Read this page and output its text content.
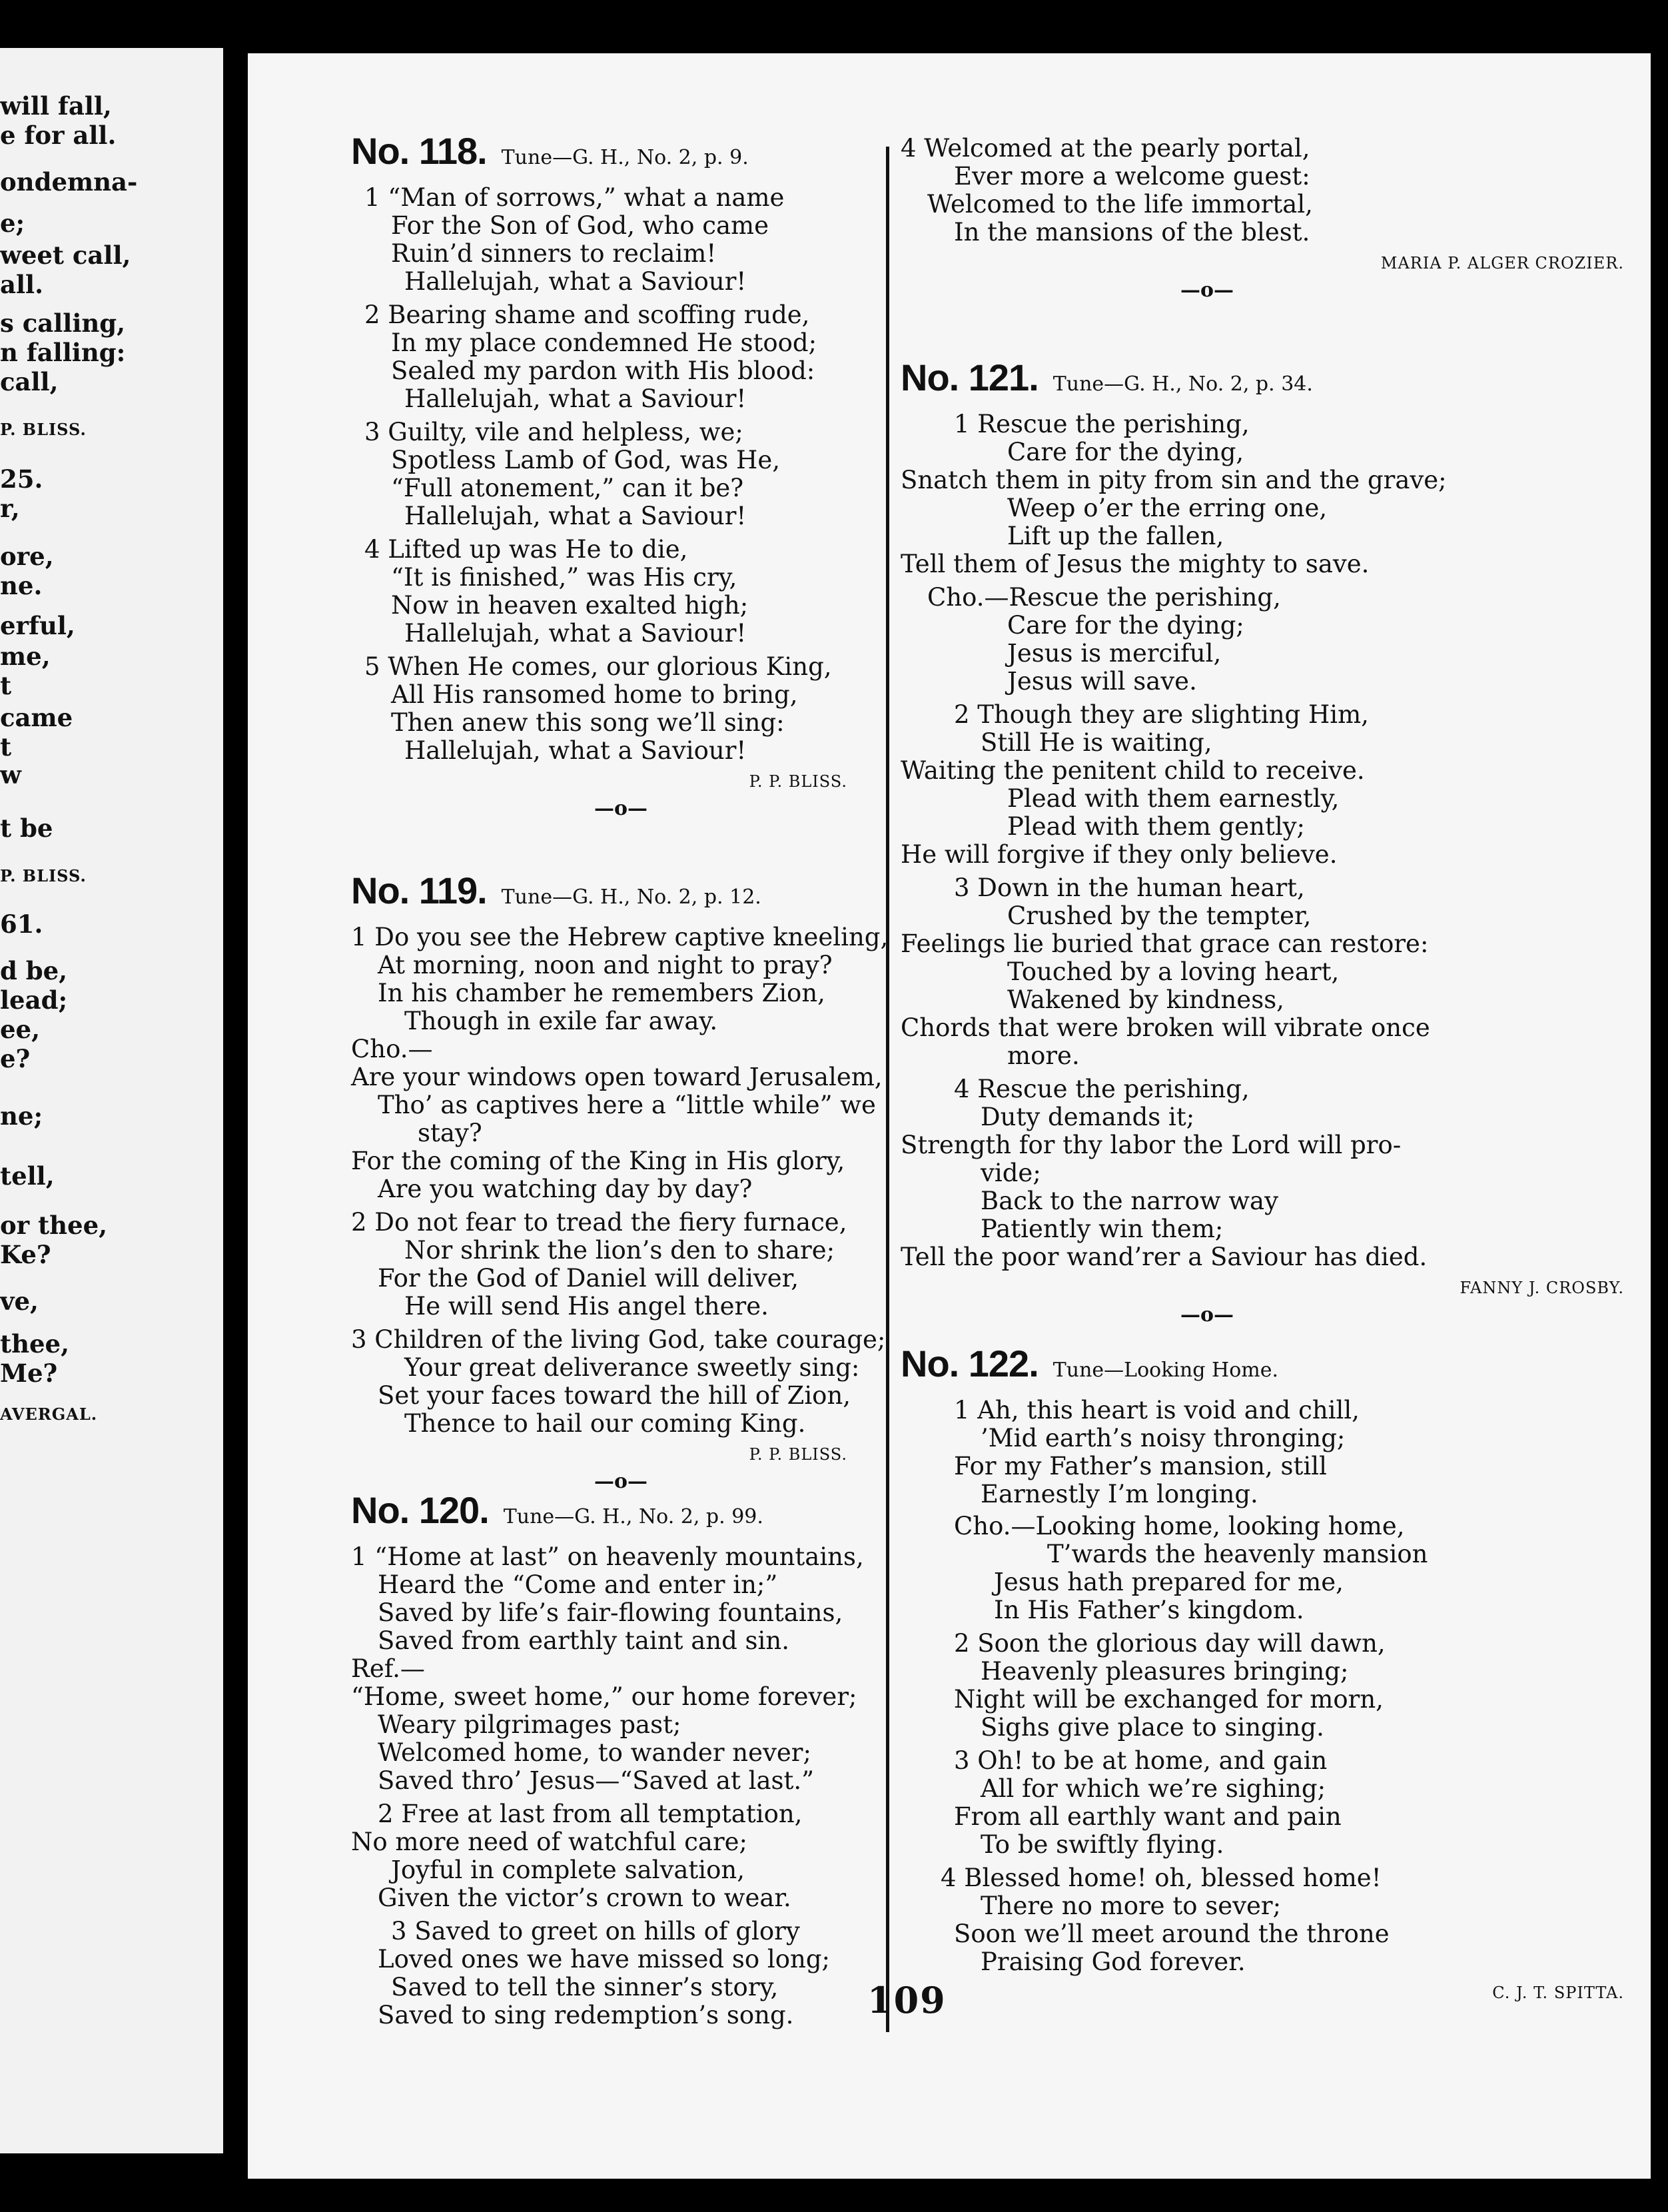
will fall,
e for all.
ondemna-
e;
weet call,
all.
s calling,
n falling:
call,
P. BLISS.
25.
r,
ore,
ne.
erful,
me,
t
came
t
w
t be
P. BLISS.
61.
d be,
lead;
ee,
e?
ne;
tell,
or thee,
Ke?
ve,
thee,
Me?
AVERGAL.
No. 118. Tune—G. H., No. 2, p. 9.
1 “Man of sorrows,” what a name
For the Son of God, who came
Ruin’d sinners to reclaim!
Hallelujah, what a Saviour!
2 Bearing shame and scoffing rude,
In my place condemned He stood;
Sealed my pardon with His blood:
Hallelujah, what a Saviour!
3 Guilty, vile and helpless, we;
Spotless Lamb of God, was He,
“Full atonement,” can it be?
Hallelujah, what a Saviour!
4 Lifted up was He to die,
“It is finished,” was His cry,
Now in heaven exalted high;
Hallelujah, what a Saviour!
5 When He comes, our glorious King,
All His ransomed home to bring,
Then anew this song we’ll sing:
Hallelujah, what a Saviour!
P. P. BLISS.
—o—
No. 119. Tune—G. H., No. 2, p. 12.
1 Do you see the Hebrew captive kneeling,
At morning, noon and night to pray?
In his chamber he remembers Zion,
Though in exile far away.
Cho.—
Are your windows open toward Jerusalem,
Tho’ as captives here a “little while” we
stay?
For the coming of the King in His glory,
Are you watching day by day?
2 Do not fear to tread the fiery furnace,
Nor shrink the lion’s den to share;
For the God of Daniel will deliver,
He will send His angel there.
3 Children of the living God, take courage;
Your great deliverance sweetly sing:
Set your faces toward the hill of Zion,
Thence to hail our coming King.
P. P. BLISS.
—o—
No. 120. Tune—G. H., No. 2, p. 99.
1 “Home at last” on heavenly mountains,
Heard the “Come and enter in;”
Saved by life’s fair-flowing fountains,
Saved from earthly taint and sin.
Ref.—
“Home, sweet home,” our home forever;
Weary pilgrimages past;
Welcomed home, to wander never;
Saved thro’ Jesus—“Saved at last.”
2 Free at last from all temptation,
No more need of watchful care;
Joyful in complete salvation,
Given the victor’s crown to wear.
3 Saved to greet on hills of glory
Loved ones we have missed so long;
Saved to tell the sinner’s story,
Saved to sing redemption’s song.
4 Welcomed at the pearly portal,
Ever more a welcome guest:
Welcomed to the life immortal,
In the mansions of the blest.
MARIA P. ALGER CROZIER.
—o—
No. 121. Tune—G. H., No. 2, p. 34.
1 Rescue the perishing,
Care for the dying,
Snatch them in pity from sin and the grave;
Weep o’er the erring one,
Lift up the fallen,
Tell them of Jesus the mighty to save.
Cho.—Rescue the perishing,
Care for the dying;
Jesus is merciful,
Jesus will save.
2 Though they are slighting Him,
Still He is waiting,
Waiting the penitent child to receive.
Plead with them earnestly,
Plead with them gently;
He will forgive if they only believe.
3 Down in the human heart,
Crushed by the tempter,
Feelings lie buried that grace can restore:
Touched by a loving heart,
Wakened by kindness,
Chords that were broken will vibrate once
more.
4 Rescue the perishing,
Duty demands it;
Strength for thy labor the Lord will pro-
vide;
Back to the narrow way
Patiently win them;
Tell the poor wand’rer a Saviour has died.
FANNY J. CROSBY.
—o—
No. 122. Tune—Looking Home.
1 Ah, this heart is void and chill,
’Mid earth’s noisy thronging;
For my Father’s mansion, still
Earnestly I’m longing.
Cho.—Looking home, looking home,
T’wards the heavenly mansion
Jesus hath prepared for me,
In His Father’s kingdom.
2 Soon the glorious day will dawn,
Heavenly pleasures bringing;
Night will be exchanged for morn,
Sighs give place to singing.
3 Oh! to be at home, and gain
All for which we’re sighing;
From all earthly want and pain
To be swiftly flying.
4 Blessed home! oh, blessed home!
There no more to sever;
Soon we’ll meet around the throne
Praising God forever.
C. J. T. SPITTA.
109
